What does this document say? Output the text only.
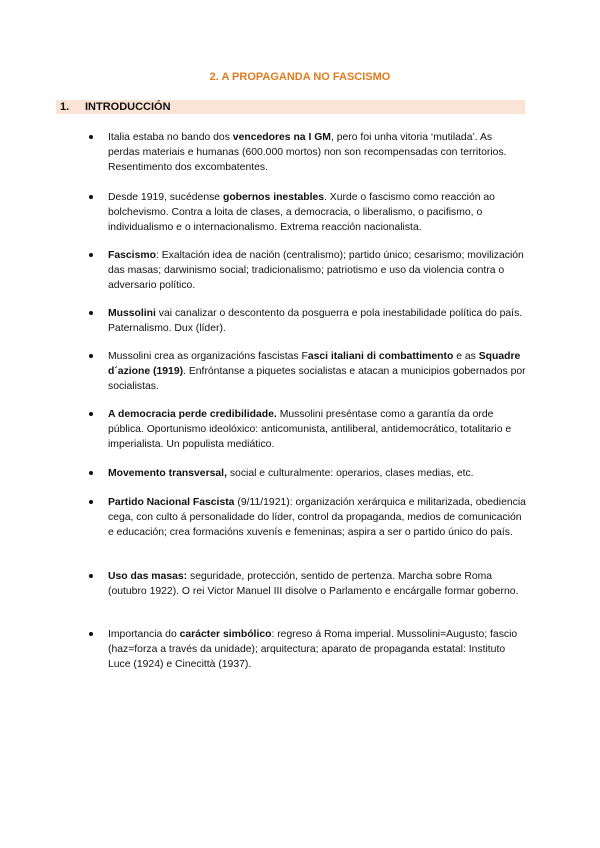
2. A PROPAGANDA NO FASCISMO
1. INTRODUCCIÓN
Italia estaba no bando dos vencedores na I GM, pero foi unha vitoria ‘mutilada’. As perdas materiais e humanas (600.000 mortos) non son recompensadas con territorios. Resentimento dos excombatentes.
Desde 1919, sucédense gobernos inestables. Xurde o fascismo como reacción ao bolchevismo. Contra a loita de clases, a democracia, o liberalismo, o pacifismo, o individualismo e o internacionalismo. Extrema reacción nacionalista.
Fascismo: Exaltación idea de nación (centralismo); partido único; cesarismo; movilización das masas; darwinismo social; tradicionalismo; patriotismo e uso da violencia contra o adversario político.
Mussolini vai canalizar o descontento da posguerra e pola inestabilidade política do país. Paternalismo. Dux (líder).
Mussolini crea as organizacións fascistas Fasci italiani di combattimento e as Squadre d´azione (1919). Enfróntanse a piquetes socialistas e atacan a municipios gobernados por socialistas.
A democracia perde credibilidade. Mussolini preséntase como a garantía da orde pública. Oportunismo ideolóxico: anticomunista, antiliberal, antidemocrático, totalitario e imperialista. Un populista mediático.
Movemento transversal, social e culturalmente: operarios, clases medias, etc.
Partido Nacional Fascista (9/11/1921): organización xerárquica e militarizada, obediencia cega, con culto á personalidade do líder, control da propaganda, medios de comunicación e educación; crea formacións xuvenís e femeninas; aspira a ser o partido único do país.
Uso das masas: seguridade, protección, sentido de pertenza. Marcha sobre Roma (outubro 1922). O rei Victor Manuel III disolve o Parlamento e encárgalle formar goberno.
Importancia do carácter simbólico: regreso á Roma imperial. Mussolini=Augusto; fascio (haz=forza a través da unidade); arquitectura; aparato de propaganda estatal: Instituto Luce (1924) e Cinecittà (1937).
